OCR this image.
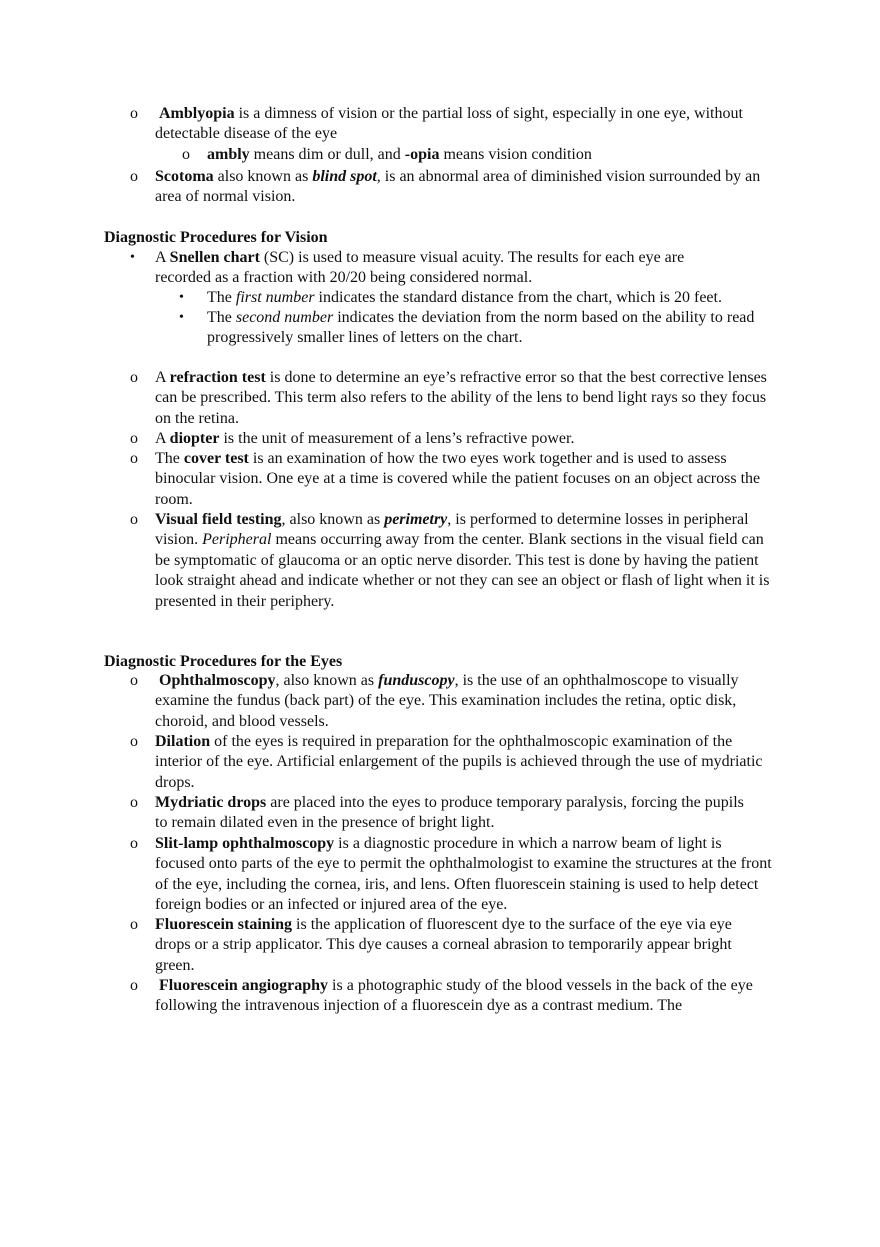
o Amblyopia is a dimness of vision or the partial loss of sight, especially in one eye, without detectable disease of the eye
o ambly means dim or dull, and -opia means vision condition
o Scotoma also known as blind spot, is an abnormal area of diminished vision surrounded by an area of normal vision.
Diagnostic Procedures for Vision
• A Snellen chart (SC) is used to measure visual acuity. The results for each eye are recorded as a fraction with 20/20 being considered normal.
• The first number indicates the standard distance from the chart, which is 20 feet.
• The second number indicates the deviation from the norm based on the ability to read progressively smaller lines of letters on the chart.
o A refraction test is done to determine an eye’s refractive error so that the best corrective lenses can be prescribed. This term also refers to the ability of the lens to bend light rays so they focus on the retina.
o A diopter is the unit of measurement of a lens’s refractive power.
o The cover test is an examination of how the two eyes work together and is used to assess binocular vision. One eye at a time is covered while the patient focuses on an object across the room.
o Visual field testing, also known as perimetry, is performed to determine losses in peripheral vision. Peripheral means occurring away from the center. Blank sections in the visual field can be symptomatic of glaucoma or an optic nerve disorder. This test is done by having the patient look straight ahead and indicate whether or not they can see an object or flash of light when it is presented in their periphery.
Diagnostic Procedures for the Eyes
o Ophthalmoscopy, also known as funduscopy, is the use of an ophthalmoscope to visually examine the fundus (back part) of the eye. This examination includes the retina, optic disk, choroid, and blood vessels.
o Dilation of the eyes is required in preparation for the ophthalmoscopic examination of the interior of the eye. Artificial enlargement of the pupils is achieved through the use of mydriatic drops.
o Mydriatic drops are placed into the eyes to produce temporary paralysis, forcing the pupils to remain dilated even in the presence of bright light.
o Slit-lamp ophthalmoscopy is a diagnostic procedure in which a narrow beam of light is focused onto parts of the eye to permit the ophthalmologist to examine the structures at the front of the eye, including the cornea, iris, and lens. Often fluorescein staining is used to help detect foreign bodies or an infected or injured area of the eye.
o Fluorescein staining is the application of fluorescent dye to the surface of the eye via eye drops or a strip applicator. This dye causes a corneal abrasion to temporarily appear bright green.
o Fluorescein angiography is a photographic study of the blood vessels in the back of the eye following the intravenous injection of a fluorescein dye as a contrast medium. The
